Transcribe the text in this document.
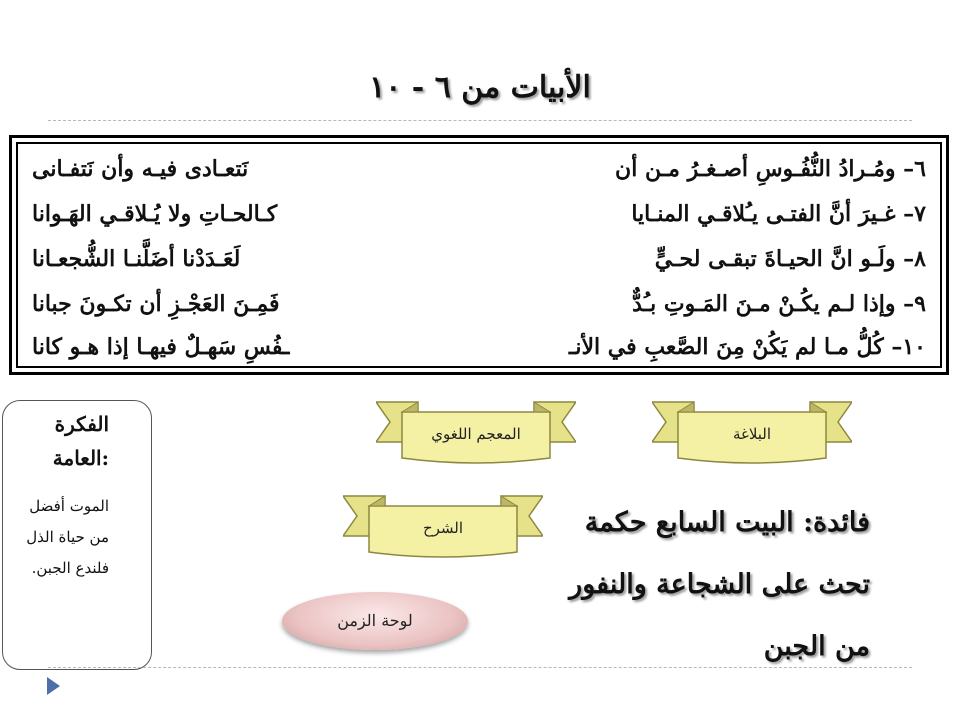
الأبيات من ٦ - ١٠
٦– ومُـرادُ النُّفُـوسِ أصـغـرُ مـن أن
نَتعـادى فيـه وأن نَتفـانى
٧– غـيرَ أنَّ الفتـى يـُلاقـي المنـايا
كـالحـاتِ ولا يُـلاقـي الهَـوانا
٨– ولَـو انَّ الحيـاةَ تبقـى لحـيٍّ
لَعَـدَدْنا أضَلَّنـا الشُّجعـانا
٩– وإذا لـم يكُـنْ مـنَ المَـوتِ بـُدٌّ
فَمِـنَ العَجْـزِ أن تكـونَ جبانا
١٠– كُلُّ مـا لم يَكُنْ مِنَ الصَّعبِ في الأنـ
ـفُسِ سَهـلٌ فيهـا إذا هـو كانا
الفكرة العامة:
الموت أفضل من حياة الذل فلندع الجبن.
البلاغة
المعجم اللغوي
الشرح	فائدة: البيت السابع حكمة تحث على الشجاعة والنفور من الجبن
لوحة الزمن
